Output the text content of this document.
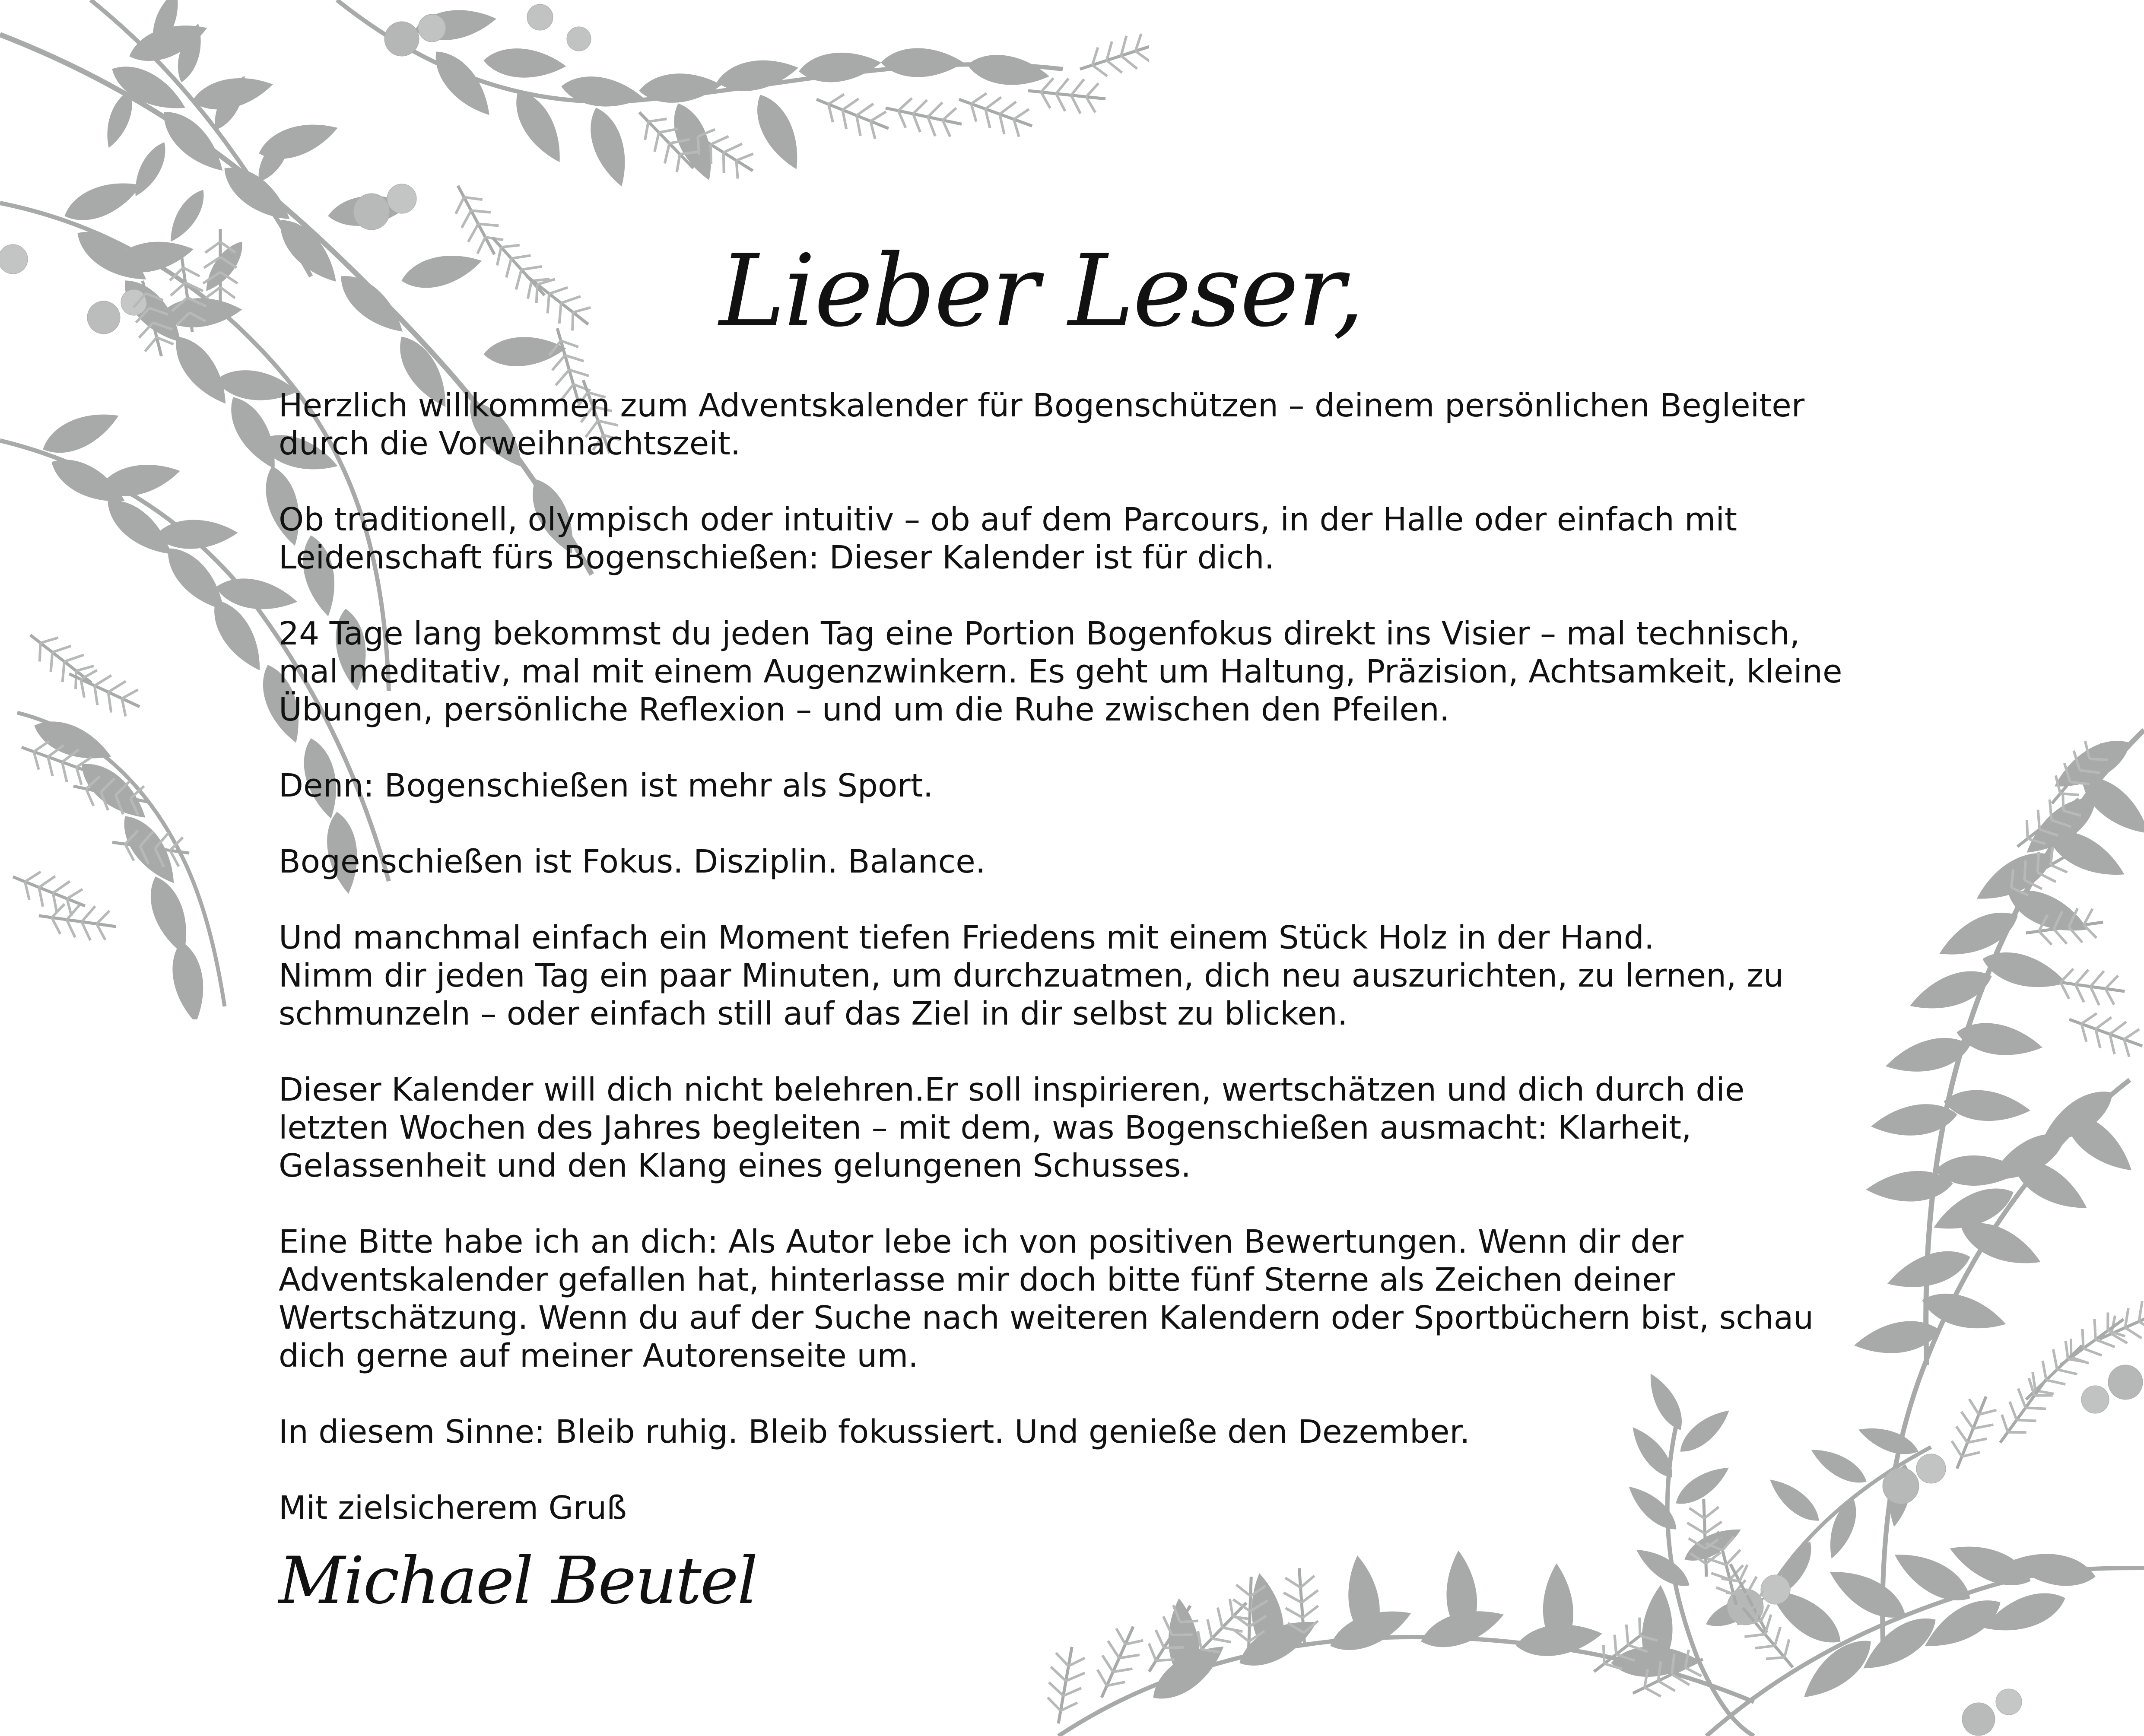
Lieber Leser,

Herzlich willkommen zum Adventskalender für Bogenschützen – deinem persönlichen Begleiter
durch die Vorweihnachtszeit.

Ob traditionell, olympisch oder intuitiv – ob auf dem Parcours, in der Halle oder einfach mit
Leidenschaft fürs Bogenschießen: Dieser Kalender ist für dich.

24 Tage lang bekommst du jeden Tag eine Portion Bogenfokus direkt ins Visier – mal technisch,
mal meditativ, mal mit einem Augenzwinkern. Es geht um Haltung, Präzision, Achtsamkeit, kleine
Übungen, persönliche Reflexion – und um die Ruhe zwischen den Pfeilen.

Denn: Bogenschießen ist mehr als Sport.

Bogenschießen ist Fokus. Disziplin. Balance.

Und manchmal einfach ein Moment tiefen Friedens mit einem Stück Holz in der Hand.
Nimm dir jeden Tag ein paar Minuten, um durchzuatmen, dich neu auszurichten, zu lernen, zu
schmunzeln – oder einfach still auf das Ziel in dir selbst zu blicken.

Dieser Kalender will dich nicht belehren.Er soll inspirieren, wertschätzen und dich durch die
letzten Wochen des Jahres begleiten – mit dem, was Bogenschießen ausmacht: Klarheit,
Gelassenheit und den Klang eines gelungenen Schusses.

Eine Bitte habe ich an dich: Als Autor lebe ich von positiven Bewertungen. Wenn dir der
Adventskalender gefallen hat, hinterlasse mir doch bitte fünf Sterne als Zeichen deiner
Wertschätzung. Wenn du auf der Suche nach weiteren Kalendern oder Sportbüchern bist, schau
dich gerne auf meiner Autorenseite um.

In diesem Sinne: Bleib ruhig. Bleib fokussiert. Und genieße den Dezember.

Mit zielsicherem Gruß

Michael Beutel
